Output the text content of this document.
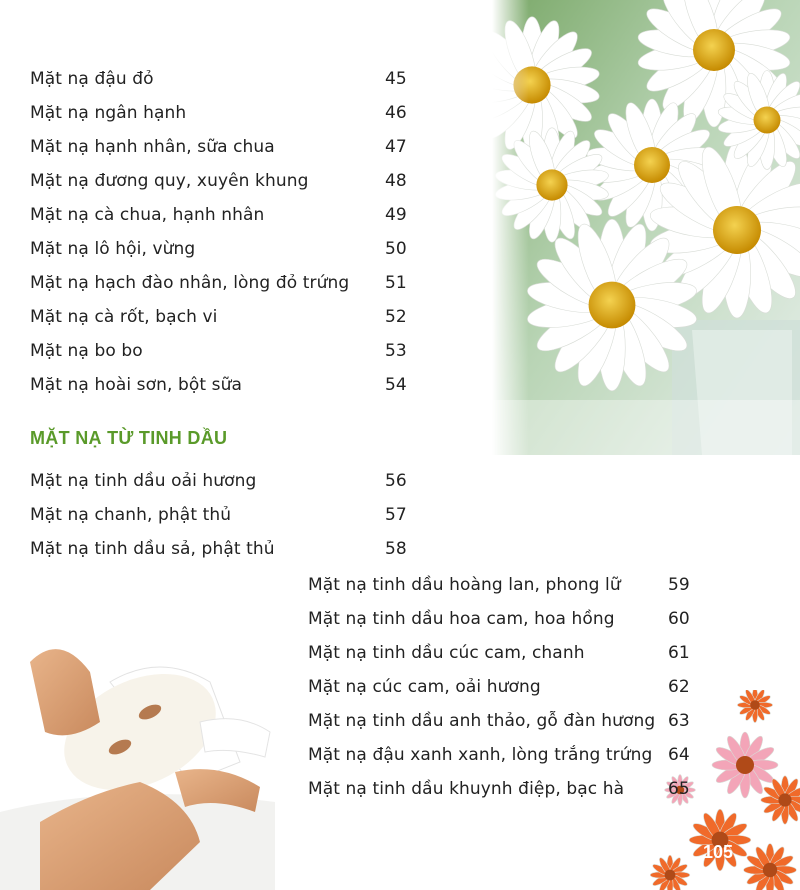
Mặt nạ đậu đỏ	45
Mặt nạ ngân hạnh	46
Mặt nạ hạnh nhân, sữa chua	47
Mặt nạ đương quy, xuyên khung	48
Mặt nạ cà chua, hạnh nhân	49
Mặt nạ lô hội, vừng	50
Mặt nạ hạch đào nhân, lòng đỏ trứng	51
Mặt nạ cà rốt, bạch vi	52
Mặt nạ bo bo	53
Mặt nạ hoài sơn, bột sữa	54
MẶT NẠ TỪ TINH DẦU
Mặt nạ tinh dầu oải hương	56
Mặt nạ chanh, phật thủ	57
Mặt nạ tinh dầu sả, phật thủ	58
Mặt nạ tinh dầu hoàng lan, phong lữ	59
Mặt nạ tinh dầu hoa cam, hoa hồng	60
Mặt nạ tinh dầu cúc cam, chanh	61
Mặt nạ cúc cam, oải hương	62
Mặt nạ tinh dầu anh thảo, gỗ đàn hương 63
Mặt nạ đậu xanh xanh, lòng trắng trứng 64
Mặt nạ tinh dầu khuynh điệp, bạc hà	65
105
